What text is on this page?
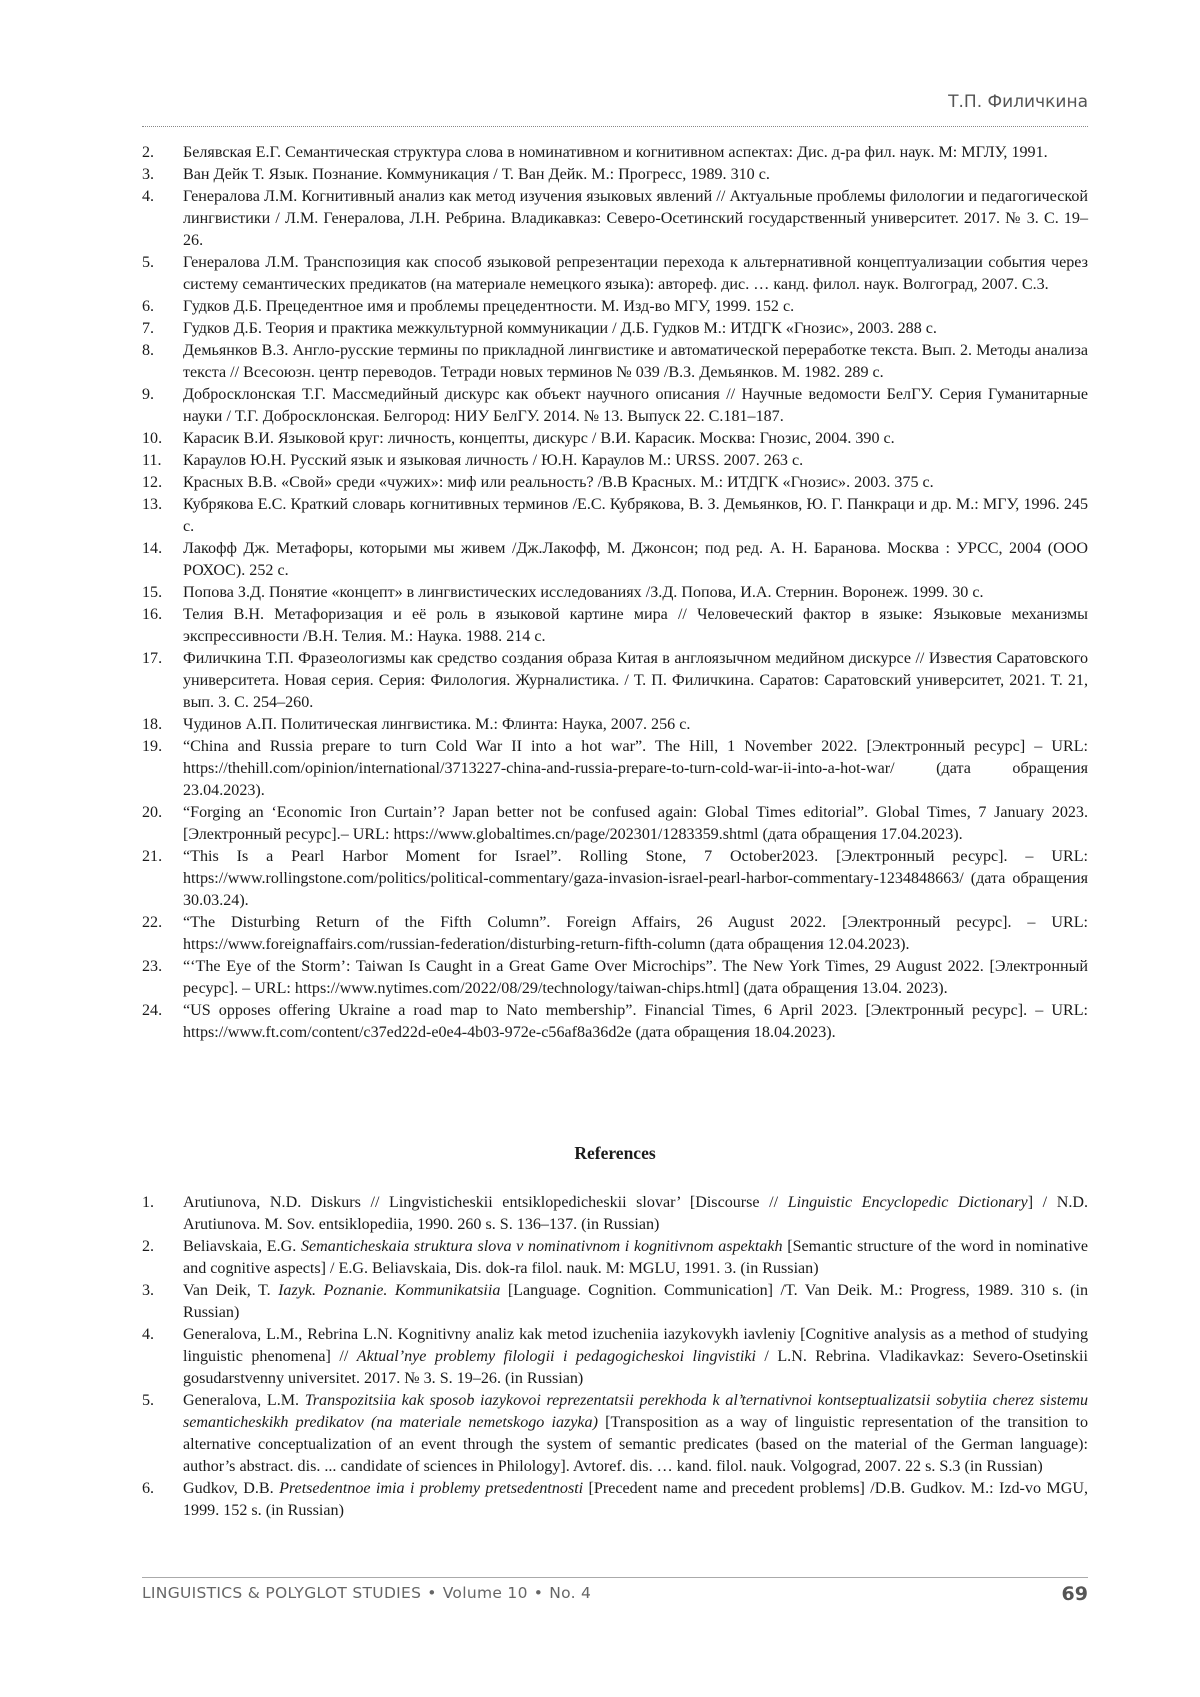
Т.П. Филичкина

2.	Белявская Е.Г. Семантическая структура слова в номинативном и когнитивном аспектах: Дис. д-ра фил. наук. М: МГЛУ, 1991.
3.	Ван Дейк Т. Язык. Познание. Коммуникация / Т. Ван Дейк. М.: Прогресс, 1989. 310 с.
4.	Генералова Л.М. Когнитивный анализ как метод изучения языковых явлений // Актуальные проблемы филологии и педагогической лингвистики / Л.М. Генералова, Л.Н. Ребрина. Владикавказ: Северо-Осетинский государственный университет. 2017. № 3. С. 19–26.
5.	Генералова Л.М. Транспозиция как способ языковой репрезентации перехода к альтернативной концептуализации события через систему семантических предикатов (на материале немецкого языка): автореф. дис. … канд. филол. наук. Волгоград, 2007. С.3.
6.	Гудков Д.Б. Прецедентное имя и проблемы прецедентности. М. Изд-во МГУ, 1999. 152 с.
7.	Гудков Д.Б. Теория и практика межкультурной коммуникации / Д.Б. Гудков М.: ИТДГК «Гнозис», 2003. 288 с.
8.	Демьянков В.З. Англо-русские термины по прикладной лингвистике и автоматической переработке текста. Вып. 2. Методы анализа текста // Всесоюзн. центр переводов. Тетради новых терминов № 039 /В.З. Демьянков. М. 1982. 289 с.
9.	Добросклонская Т.Г. Массмедийный дискурс как объект научного описания // Научные ведомости БелГУ. Серия Гуманитарные науки / Т.Г. Добросклонская. Белгород: НИУ БелГУ. 2014. № 13. Выпуск 22. С.181–187.
10.	Карасик В.И. Языковой круг: личность, концепты, дискурс / В.И. Карасик. Москва: Гнозис, 2004. 390 с.
11.	Караулов Ю.Н. Русский язык и языковая личность / Ю.Н. Караулов М.: URSS. 2007. 263 с.
12.	Красных В.В. «Свой» среди «чужих»: миф или реальность? /В.В Красных. М.: ИТДГК «Гнозис». 2003. 375 с.
13.	Кубрякова Е.С. Краткий словарь когнитивных терминов /Е.С. Кубрякова, В. З. Демьянков, Ю. Г. Панкраци и др. М.: МГУ, 1996. 245 с.
14.	Лакофф Дж. Метафоры, которыми мы живем /Дж.Лакофф, М. Джонсон; под ред. А. Н. Баранова. Москва : УРСС, 2004 (ООО РОХОС). 252 с.
15.	Попова З.Д. Понятие «концепт» в лингвистических исследованиях /З.Д. Попова, И.А. Стернин. Воронеж. 1999. 30 с.
16.	Телия В.Н. Метафоризация и её роль в языковой картине мира // Человеческий фактор в языке: Языковые механизмы экспрессивности /В.Н. Телия. М.: Наука. 1988. 214 с.
17.	Филичкина Т.П. Фразеологизмы как средство создания образа Китая в англоязычном медийном дискурсе // Известия Саратовского университета. Новая серия. Серия: Филология. Журналистика. / Т. П. Филичкина. Саратов: Саратовский университет, 2021. Т. 21, вып. 3. С. 254–260.
18.	Чудинов А.П. Политическая лингвистика. М.: Флинта: Наука, 2007. 256 с.
19.	“China and Russia prepare to turn Cold War II into a hot war”. The Hill, 1 November 2022. [Электронный ресурс] – URL: https://thehill.com/opinion/international/3713227-china-and-russia-prepare-to-turn-cold-war-ii-into-a-hot-war/ (дата обращения 23.04.2023).
20.	“Forging an ‘Economic Iron Curtain’? Japan better not be confused again: Global Times editorial”. Global Times, 7 January 2023. [Электронный ресурс].– URL: https://www.globaltimes.cn/page/202301/1283359.shtml (дата обращения 17.04.2023).
21.	“This Is a Pearl Harbor Moment for Israel”. Rolling Stone, 7 October2023. [Электронный ресурс]. – URL: https://www.rollingstone.com/politics/political-commentary/gaza-invasion-israel-pearl-harbor-commentary-1234848663/ (дата обращения 30.03.24).
22.	“The Disturbing Return of the Fifth Column”. Foreign Affairs, 26 August 2022. [Электронный ресурс]. – URL: https://www.foreignaffairs.com/russian-federation/disturbing-return-fifth-column (дата обращения 12.04.2023).
23.	“‘The Eye of the Storm’: Taiwan Is Caught in a Great Game Over Microchips”. The New York Times, 29 August 2022. [Электронный ресурс]. – URL: https://www.nytimes.com/2022/08/29/technology/taiwan-chips.html] (дата обращения 13.04. 2023).
24.	“US opposes offering Ukraine a road map to Nato membership”. Financial Times, 6 April 2023. [Электронный ресурс]. – URL: https://www.ft.com/content/c37ed22d-e0e4-4b03-972e-c56af8a36d2e (дата обращения 18.04.2023).
References
1.	Arutiunova, N.D. Diskurs // Lingvisticheskii entsiklopedicheskii slovar’ [Discourse // Linguistic Encyclopedic Dictionary] / N.D. Arutiunova. M. Sov. entsiklopediia, 1990. 260 s. S. 136–137. (in Russian)
2.	Beliavskaia, E.G. Semanticheskaia struktura slova v nominativnom i kognitivnom aspektakh [Semantic structure of the word in nominative and cognitive aspects] / E.G. Beliavskaia, Dis. dok-ra filol. nauk. M: MGLU, 1991. 3. (in Russian)
3.	Van Deik, T. Iazyk. Poznanie. Kommunikatsiia [Language. Cognition. Communication] /T. Van Deik. M.: Progress, 1989. 310 s. (in Russian)
4.	Generalova, L.M., Rebrina L.N. Kognitivny analiz kak metod izucheniia iazykovykh iavleniy [Cognitive analysis as a method of studying linguistic phenomena] // Aktual’nye problemy filologii i pedagogicheskoi lingvistiki / L.N. Rebrina. Vladikavkaz: Severo-Osetinskii gosudarstvenny universitet. 2017. № 3. S. 19–26. (in Russian)
5.	Generalova, L.M. Transpozitsiia kak sposob iazykovoi reprezentatsii perekhoda k al’ternativnoi kontseptualizatsii sobytiia cherez sistemu semanticheskikh predikatov (na materiale nemetskogo iazyka) [Transposition as a way of linguistic representation of the transition to alternative conceptualization of an event through the system of semantic predicates (based on the material of the German language): author’s abstract. dis. ... candidate of sciences in Philology]. Avtoref. dis. … kand. filol. nauk. Volgograd, 2007. 22 s. S.3 (in Russian)
6.	Gudkov, D.B. Pretsedentnoe imia i problemy pretsedentnosti [Precedent name and precedent problems] /D.B. Gudkov. M.: Izd-vo MGU, 1999. 152 s. (in Russian)
LINGUISTICS & POLYGLOT STUDIES • Volume 10 • No. 4	69
